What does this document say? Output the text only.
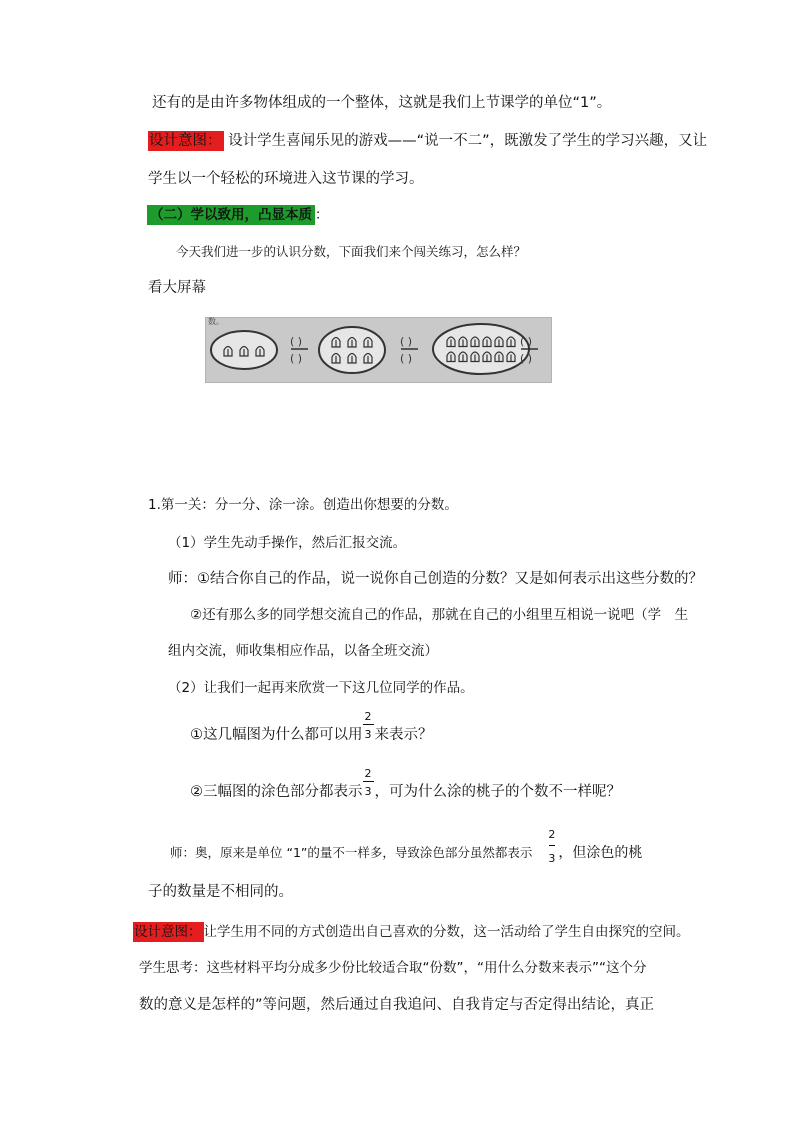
还有的是由许多物体组成的一个整体，这就是我们上节课学的单位“1”。
设计意图： 设计学生喜闻乐见的游戏——“说一不二”，既激发了学生的学习兴趣，又让
学生以一个轻松的环境进入这节课的学习。
（二）学以致用，凸显本质 ：
今天我们进一步的认识分数，下面我们来个闯关练习，怎么样？
看大屏幕
数。
( )
( )
( )
( )
( )
( )
1.第一关：分一分、涂一涂。创造出你想要的分数。
（1）学生先动手操作，然后汇报交流。
师：①结合你自己的作品，说一说你自己创造的分数？又是如何表示出这些分数的？
②还有那么多的同学想交流自己的作品，那就在自己的小组里互相说一说吧（学　生
组内交流，师收集相应作品，以备全班交流）
（2）让我们一起再来欣赏一下这几位同学的作品。
①这几幅图为什么都可以用 $\frac{2}{3}$ 来表示？
②三幅图的涂色部分都表示 $\frac{2}{3}$ ，可为什么涂的桃子的个数不一样呢？
师：奥，原来是单位 “1”的量不一样多，导致涂色部分虽然都表示 $\frac{2}{3}$ ，但涂色的桃
子的数量是不相同的。
设计意图： 让学生用不同的方式创造出自己喜欢的分数，这一活动给了学生自由探究的空间。
学生思考：这些材料平均分成多少份比较适合取“份数”，“用什么分数来表示”“这个分
数的意义是怎样的”等问题，然后通过自我追问、自我肯定与否定得出结论，真正
